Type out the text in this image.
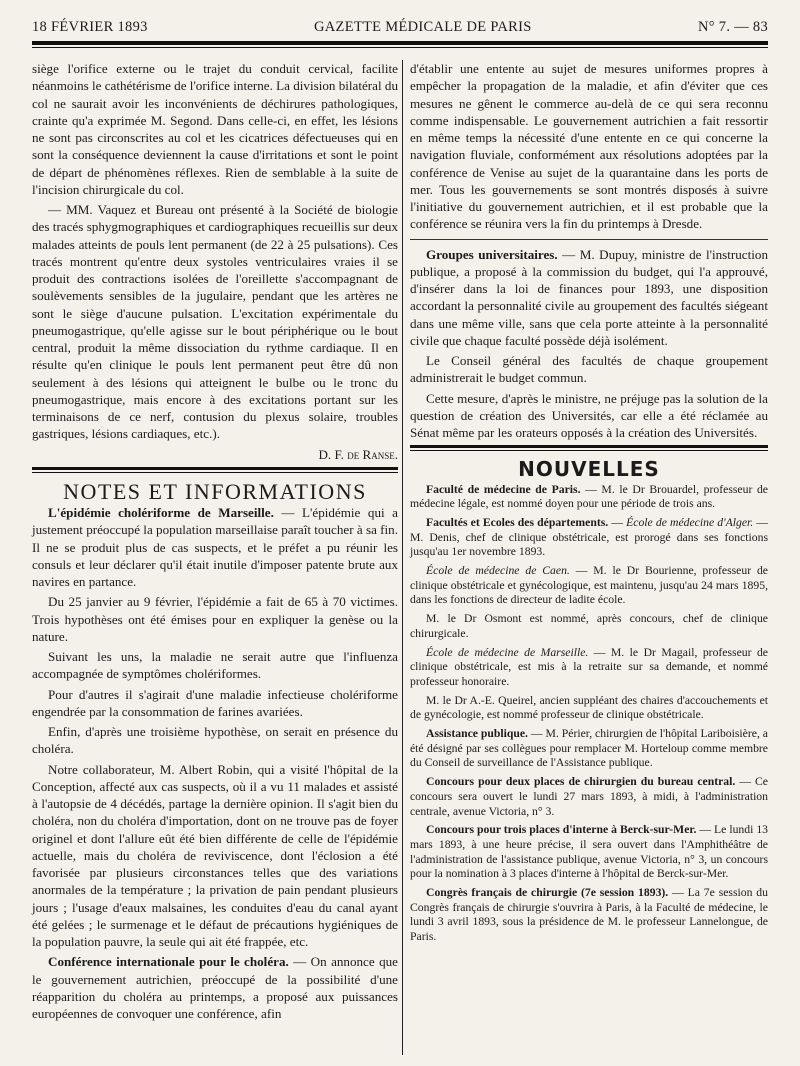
18 FÉVRIER 1893	GAZETTE MÉDICALE DE PARIS	N° 7. — 83

siège l'orifice externe ou le trajet du conduit cervical, facilite néanmoins le cathétérisme de l'orifice interne. La division bilatéral du col ne saurait avoir les inconvénients de déchirures pathologiques, crainte qu'a exprimée M. Segond. Dans celle-ci, en effet, les lésions ne sont pas circonscrites au col et les cicatrices défectueuses qui en sont la conséquence deviennent la cause d'irritations et sont le point de départ de phénomènes réflexes. Rien de semblable à la suite de l'incision chirurgicale du col.

— MM. Vaquez et Bureau ont présenté à la Société de biologie des tracés sphygmographiques et cardiographiques recueillis sur deux malades atteints de pouls lent permanent (de 22 à 25 pulsations). Ces tracés montrent qu'entre deux systoles ventriculaires vraies il se produit des contractions isolées de l'oreillette s'accompagnant de soulèvements sensibles de la jugulaire, pendant que les artères ne sont le siège d'aucune pulsation. L'excitation expérimentale du pneumogastrique, qu'elle agisse sur le bout périphérique ou le bout central, produit la même dissociation du rythme cardiaque. Il en résulte qu'en clinique le pouls lent permanent peut être dû non seulement à des lésions qui atteignent le bulbe ou le tronc du pneumogastrique, mais encore à des excitations portant sur les terminaisons de ce nerf, contusion du plexus solaire, troubles gastriques, lésions cardiaques, etc.).

D. F. de Ranse.

NOTES ET INFORMATIONS

L'épidémie cholériforme de Marseille. — L'épidémie qui a justement préoccupé la population marseillaise paraît toucher à sa fin. Il ne se produit plus de cas suspects, et le préfet a pu réunir les consuls et leur déclarer qu'il était inutile d'imposer patente brute aux navires en partance.

Du 25 janvier au 9 février, l'épidémie a fait de 65 à 70 victimes. Trois hypothèses ont été émises pour en expliquer la genèse ou la nature.

Suivant les uns, la maladie ne serait autre que l'influenza accompagnée de symptômes cholériformes.

Pour d'autres il s'agirait d'une maladie infectieuse cholériforme engendrée par la consommation de farines avariées.

Enfin, d'après une troisième hypothèse, on serait en présence du choléra.

Notre collaborateur, M. Albert Robin, qui a visité l'hôpital de la Conception, affecté aux cas suspects, où il a vu 11 malades et assisté à l'autopsie de 4 décédés, partage la dernière opinion. Il s'agit bien du choléra, non du choléra d'importation, dont on ne trouve pas de foyer originel et dont l'allure eût été bien différente de celle de l'épidémie actuelle, mais du choléra de reviviscence, dont l'éclosion a été favorisée par plusieurs circonstances telles que des variations anormales de la température ; la privation de pain pendant plusieurs jours ; l'usage d'eaux malsaines, les conduites d'eau du canal ayant été gelées ; le surmenage et le défaut de précautions hygiéniques de la population pauvre, la seule qui ait été frappée, etc.

Conférence internationale pour le choléra. — On annonce que le gouvernement autrichien, préoccupé de la possibilité d'une réapparition du choléra au printemps, a proposé aux puissances européennes de convoquer une conférence, afin

d'établir une entente au sujet de mesures uniformes propres à empêcher la propagation de la maladie, et afin d'éviter que ces mesures ne gênent le commerce au-delà de ce qui sera reconnu comme indispensable. Le gouvernement autrichien a fait ressortir en même temps la nécessité d'une entente en ce qui concerne la navigation fluviale, conformément aux résolutions adoptées par la conférence de Venise au sujet de la quarantaine dans les ports de mer. Tous les gouvernements se sont montrés disposés à suivre l'initiative du gouvernement autrichien, et il est probable que la conférence se réunira vers la fin du printemps à Dresde.

Groupes universitaires. — M. Dupuy, ministre de l'instruction publique, a proposé à la commission du budget, qui l'a approuvé, d'insérer dans la loi de finances pour 1893, une disposition accordant la personnalité civile au groupement des facultés siégeant dans une même ville, sans que cela porte atteinte à la personnalité civile que chaque faculté possède déjà isolément.

Le Conseil général des facultés de chaque groupement administrerait le budget commun.

Cette mesure, d'après le ministre, ne préjuge pas la solution de la question de création des Universités, car elle a été réclamée au Sénat même par les orateurs opposés à la création des Universités.

NOUVELLES

Faculté de médecine de Paris. — M. le Dr Brouardel, professeur de médecine légale, est nommé doyen pour une période de trois ans.

Facultés et Ecoles des départements. — École de médecine d'Alger. — M. Denis, chef de clinique obstétricale, est prorogé dans ses fonctions jusqu'au 1er novembre 1893.

École de médecine de Caen. — M. le Dr Bourienne, professeur de clinique obstétricale et gynécologique, est maintenu, jusqu'au 24 mars 1895, dans les fonctions de directeur de ladite école.

M. le Dr Osmont est nommé, après concours, chef de clinique chirurgicale.

École de médecine de Marseille. — M. le Dr Magail, professeur de clinique obstétricale, est mis à la retraite sur sa demande, et nommé professeur honoraire.

M. le Dr A.-E. Queirel, ancien suppléant des chaires d'accouchements et de gynécologie, est nommé professeur de clinique obstétricale.

Assistance publique. — M. Périer, chirurgien de l'hôpital Lariboisière, a été désigné par ses collègues pour remplacer M. Horteloup comme membre du Conseil de surveillance de l'Assistance publique.

Concours pour deux places de chirurgien du bureau central. — Ce concours sera ouvert le lundi 27 mars 1893, à midi, à l'administration centrale, avenue Victoria, n° 3.

Concours pour trois places d'interne à Berck-sur-Mer. — Le lundi 13 mars 1893, à une heure précise, il sera ouvert dans l'Amphithéâtre de l'administration de l'assistance publique, avenue Victoria, n° 3, un concours pour la nomination à 3 places d'interne à l'hôpital de Berck-sur-Mer.

Congrès français de chirurgie (7e session 1893). — La 7e session du Congrès français de chirurgie s'ouvrira à Paris, à la Faculté de médecine, le lundi 3 avril 1893, sous la présidence de M. le professeur Lannelongue, de Paris.
